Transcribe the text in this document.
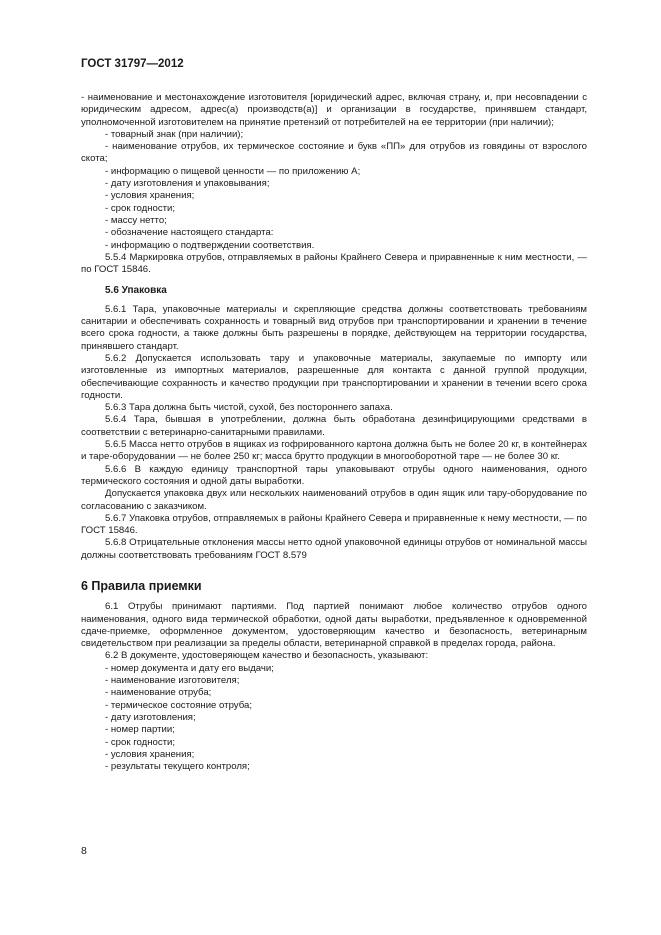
ГОСТ 31797—2012

- наименование и местонахождение изготовителя [юридический адрес, включая страну, и, при несовпадении с юридическим адресом, адрес(а) производств(а)] и организации в государстве, принявшем стандарт, уполномоченной изготовителем на принятие претензий от потребителей на ее территории (при наличии);

- товарный знак (при наличии);

- наименование отрубов, их термическое состояние и букв «ПП» для отрубов из говядины от взрослого скота;

- информацию о пищевой ценности — по приложению А;

- дату изготовления и упаковывания;

- условия хранения;

- срок годности;

- массу нетто;

- обозначение настоящего стандарта:

- информацию о подтверждении соответствия.

5.5.4 Маркировка отрубов, отправляемых в районы Крайнего Севера и приравненные к ним местности, — по ГОСТ 15846.

5.6 Упаковка

5.6.1 Тара, упаковочные материалы и скрепляющие средства должны соответствовать требованиям санитарии и обеспечивать сохранность и товарный вид отрубов при транспортировании и хранении в течение всего срока годности, а также должны быть разрешены в порядке, действующем на территории государства, принявшего стандарт.

5.6.2 Допускается использовать тару и упаковочные материалы, закупаемые по импорту или изготовленные из импортных материалов, разрешенные для контакта с данной группой продукции, обеспечивающие сохранность и качество продукции при транспортировании и хранении в течении всего срока годности.

5.6.3 Тара должна быть чистой, сухой, без постороннего запаха.

5.6.4 Тара, бывшая в употреблении, должна быть обработана дезинфицирующими средствами в соответствии с ветеринарно-санитарными правилами.

5.6.5 Масса нетто отрубов в ящиках из гофрированного картона должна быть не более 20 кг, в контейнерах и таре-оборудовании — не более 250 кг; масса брутто продукции в многооборотной таре — не более 30 кг.

5.6.6 В каждую единицу транспортной тары упаковывают отрубы одного наименования, одного термического состояния и одной даты выработки.

Допускается упаковка двух или нескольких наименований отрубов в один ящик или тару-оборудование по согласованию с заказчиком.

5.6.7 Упаковка отрубов, отправляемых в районы Крайнего Севера и приравненные к нему местности, — по ГОСТ 15846.

5.6.8 Отрицательные отклонения массы нетто одной упаковочной единицы отрубов от номинальной массы должны соответствовать требованиям ГОСТ 8.579

6 Правила приемки

6.1 Отрубы принимают партиями. Под партией понимают любое количество отрубов одного наименования, одного вида термической обработки, одной даты выработки, предъявленное к одновременной сдаче-приемке, оформленное документом, удостоверяющим качество и безопасность, ветеринарным свидетельством при реализации за пределы области, ветеринарной справкой в пределах города, района.

6.2 В документе, удостоверяющем качество и безопасность, указывают:

- номер документа и дату его выдачи;

- наименование изготовителя;

- наименование отруба;

- термическое состояние отруба;

- дату изготовления;

- номер партии;

- срок годности;

- условия хранения;

- результаты текущего контроля;

8
